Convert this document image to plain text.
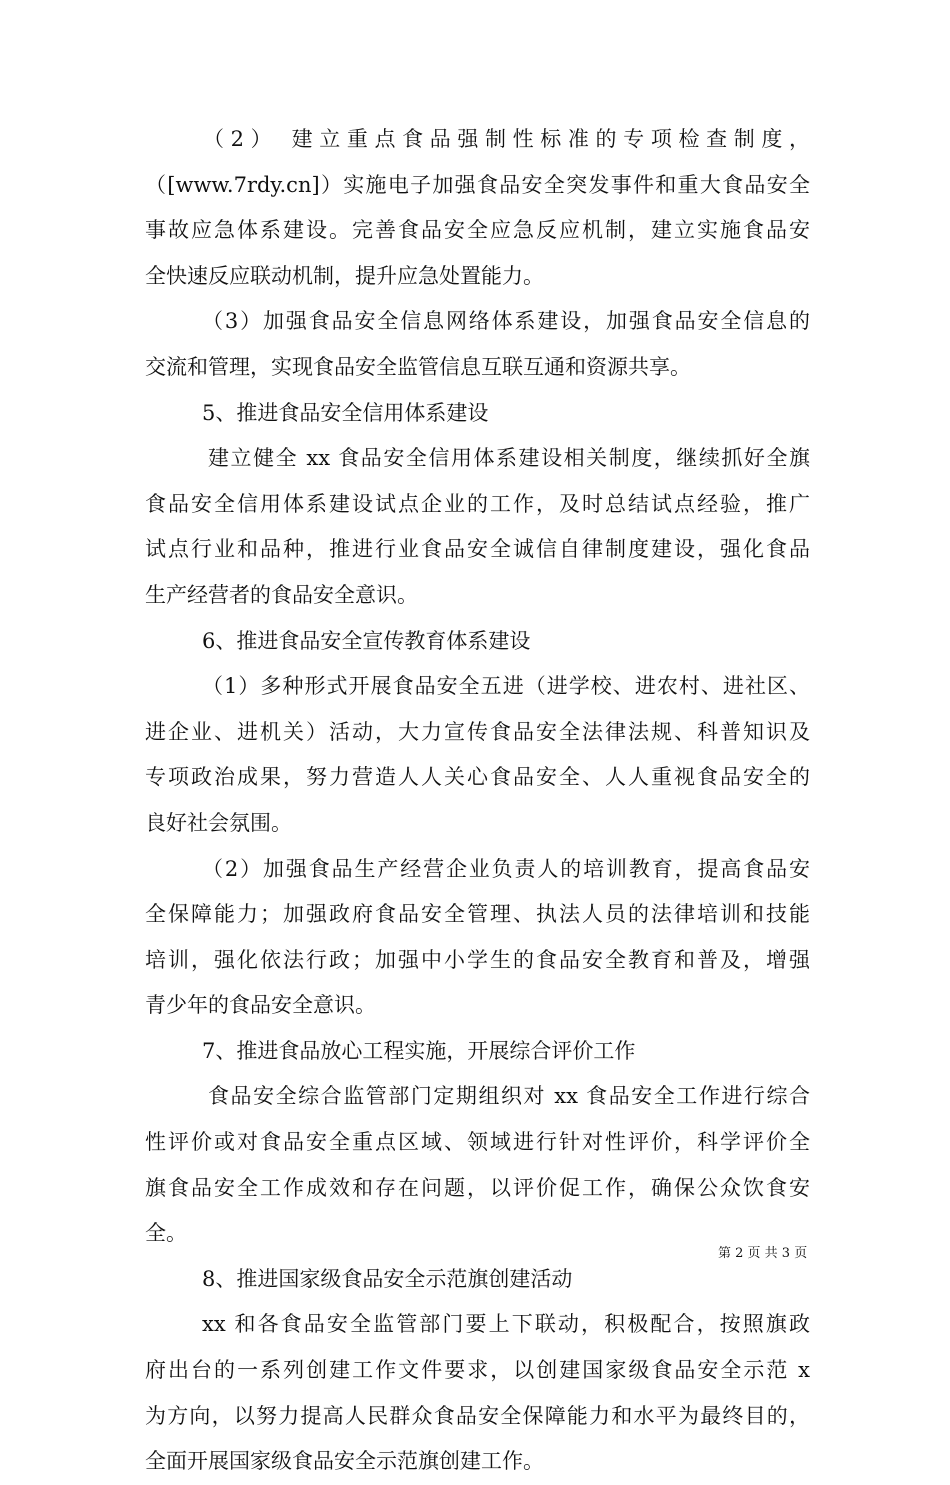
（2） 建立重点食品强制性标准的专项检查制度，
（[www.7rdy.cn]）实施电子加强食品安全突发事件和重大食品安全
事故应急体系建设。完善食品安全应急反应机制，建立实施食品安
全快速反应联动机制，提升应急处置能力。
（3）加强食品安全信息网络体系建设，加强食品安全信息的
交流和管理，实现食品安全监管信息互联互通和资源共享。
5、推进食品安全信用体系建设
建立健全 xx 食品安全信用体系建设相关制度，继续抓好全旗
食品安全信用体系建设试点企业的工作，及时总结试点经验，推广
试点行业和品种，推进行业食品安全诚信自律制度建设，强化食品
生产经营者的食品安全意识。
6、推进食品安全宣传教育体系建设
（1）多种形式开展食品安全五进（进学校、进农村、进社区、
进企业、进机关）活动，大力宣传食品安全法律法规、科普知识及
专项政治成果，努力营造人人关心食品安全、人人重视食品安全的
良好社会氛围。
（2）加强食品生产经营企业负责人的培训教育，提高食品安
全保障能力；加强政府食品安全管理、执法人员的法律培训和技能
培训，强化依法行政；加强中小学生的食品安全教育和普及，增强
青少年的食品安全意识。
7、推进食品放心工程实施，开展综合评价工作
食品安全综合监管部门定期组织对 xx 食品安全工作进行综合
性评价或对食品安全重点区域、领域进行针对性评价，科学评价全
旗食品安全工作成效和存在问题，以评价促工作，确保公众饮食安
全。
8、推进国家级食品安全示范旗创建活动
xx 和各食品安全监管部门要上下联动，积极配合，按照旗政
府出台的一系列创建工作文件要求，以创建国家级食品安全示范 x
为方向，以努力提高人民群众食品安全保障能力和水平为最终目的，
全面开展国家级食品安全示范旗创建工作。
第 2 页 共 3 页
